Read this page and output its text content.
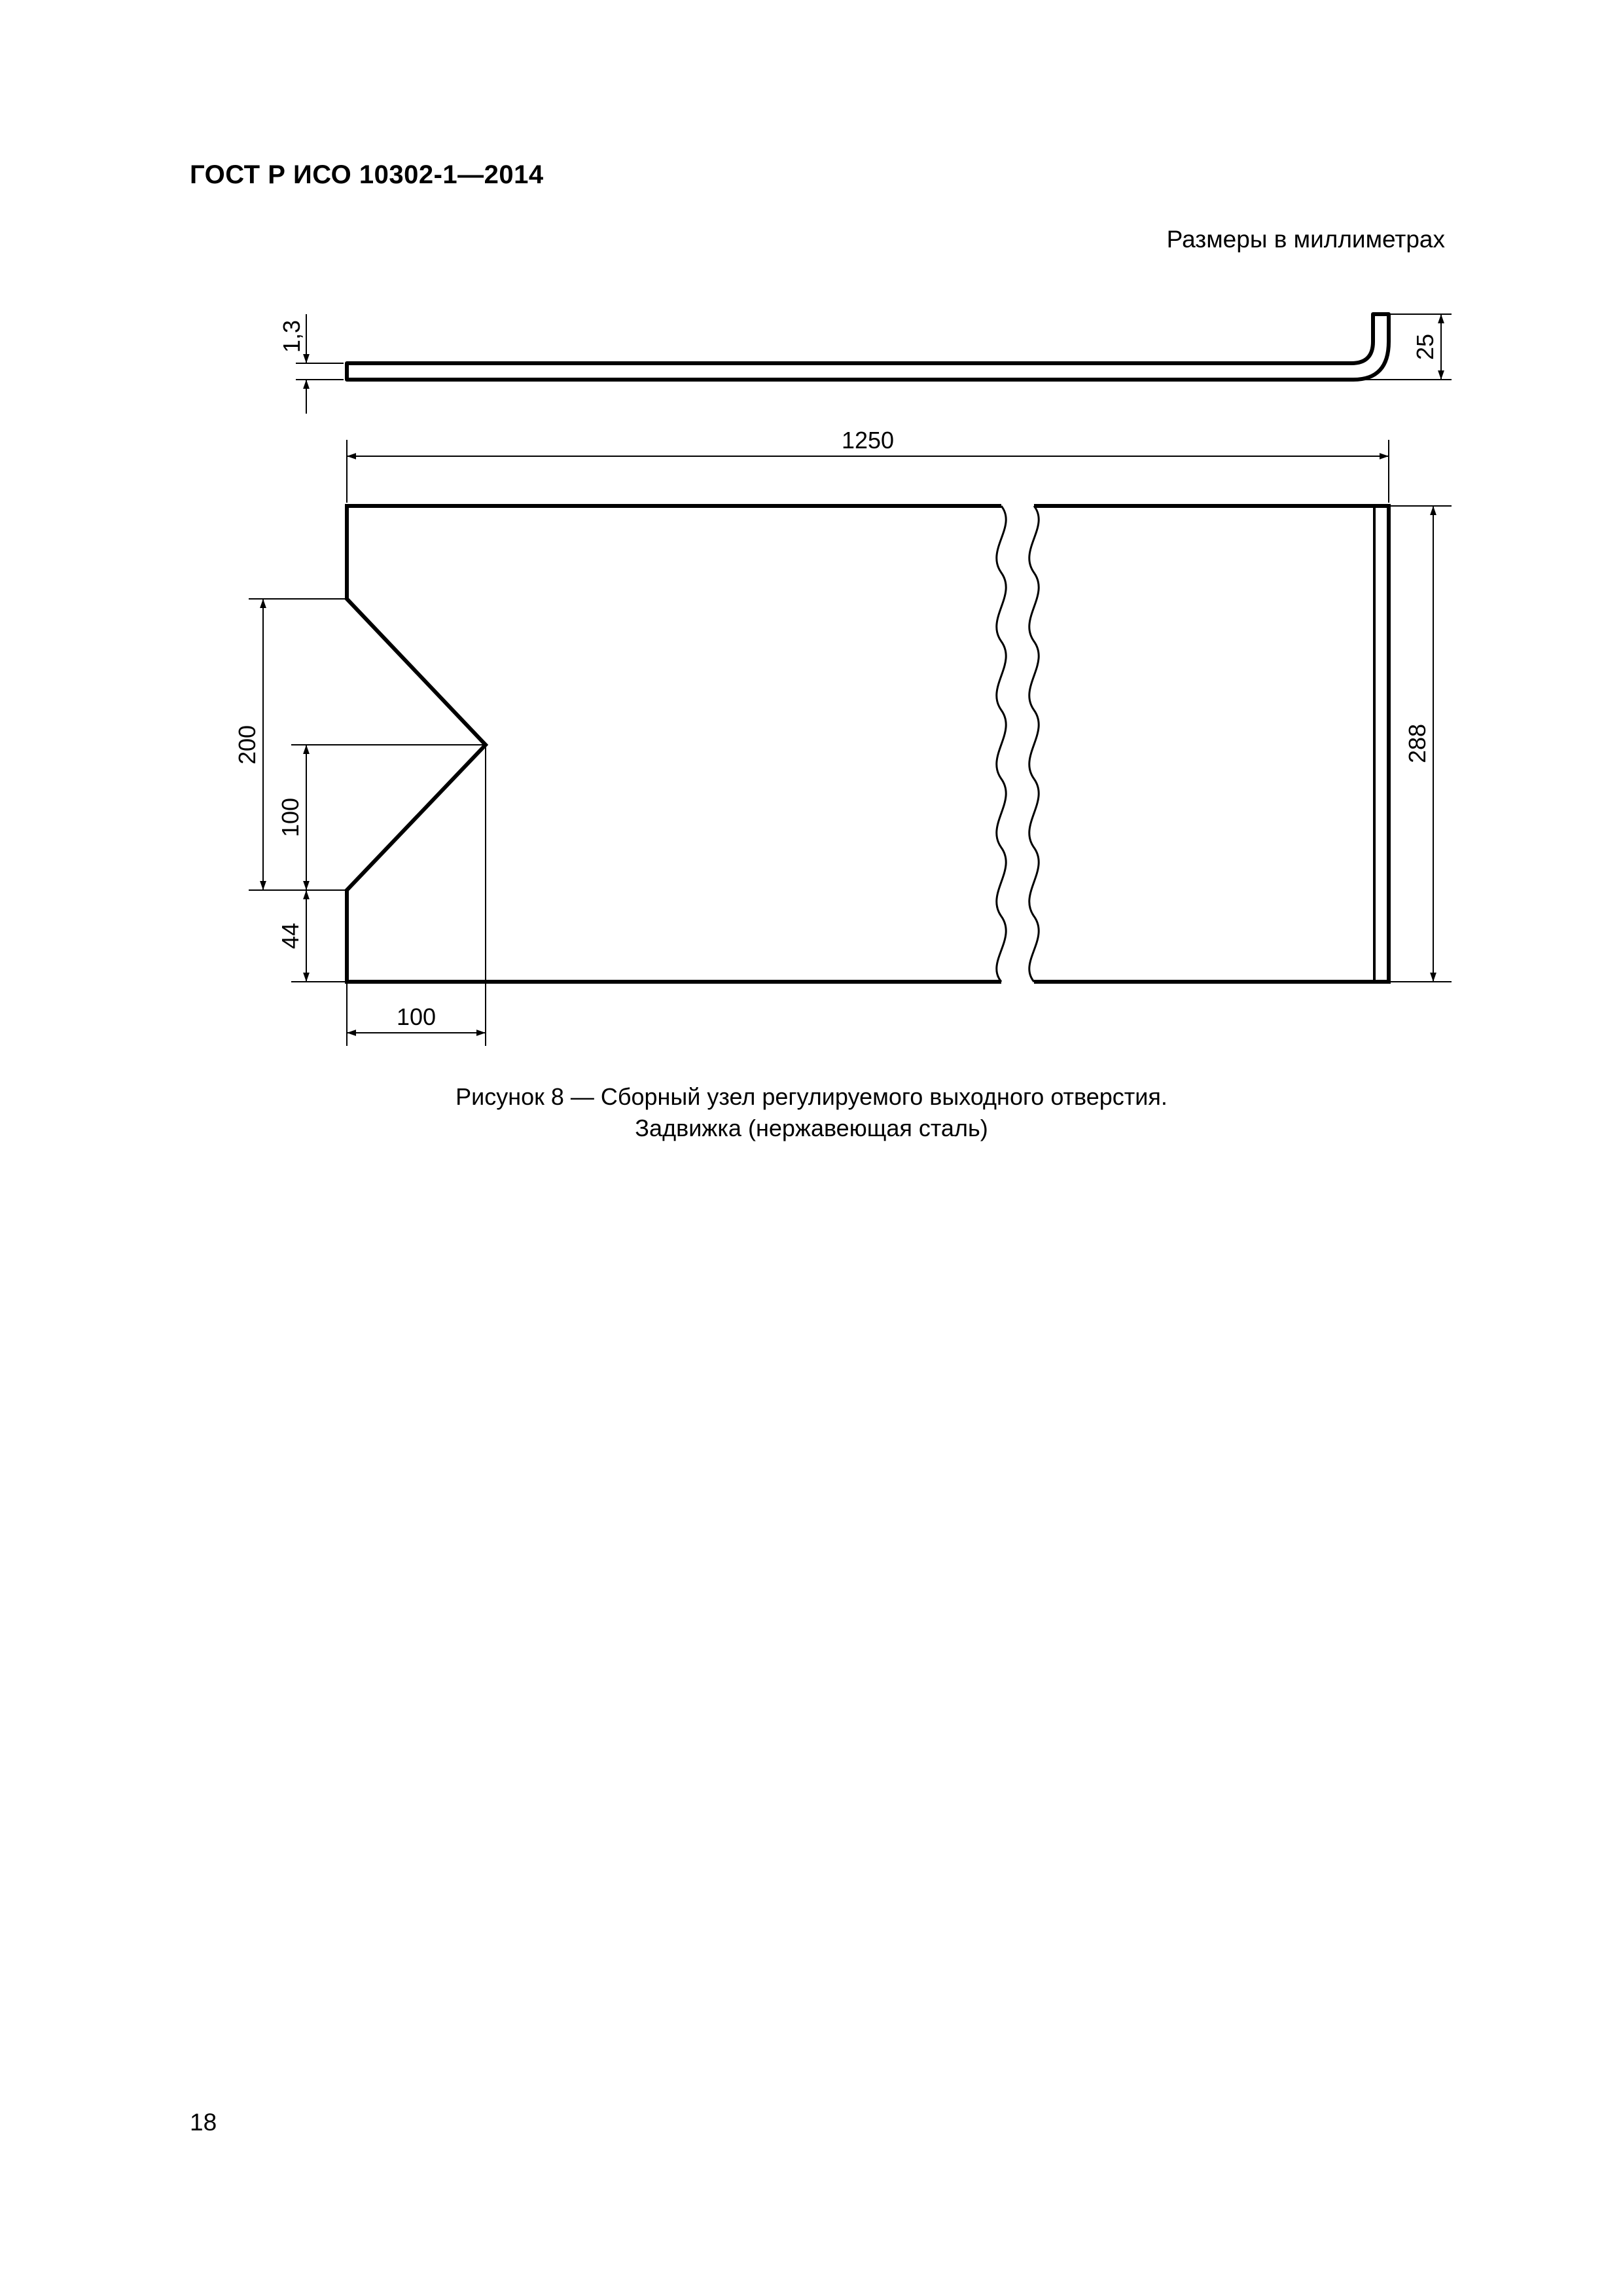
ГОСТ Р ИСО 10302-1—2014
Размеры в миллиметрах
1,3	25
1250
200
100
44
100
288
Рисунок 8 — Сборный узел регулируемого выходного отверстия.
Задвижка (нержавеющая сталь)
18
